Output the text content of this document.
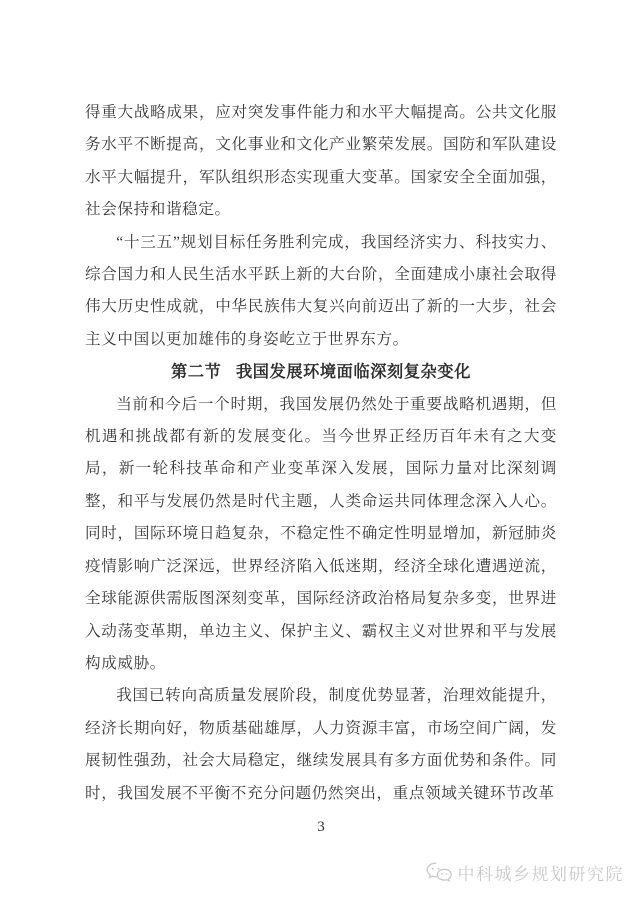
得重大战略成果，应对突发事件能力和水平大幅提高。公共文化服务水平不断提高，文化事业和文化产业繁荣发展。国防和军队建设水平大幅提升，军队组织形态实现重大变革。国家安全全面加强，社会保持和谐稳定。

“十三五”规划目标任务胜利完成，我国经济实力、科技实力、综合国力和人民生活水平跃上新的大台阶，全面建成小康社会取得伟大历史性成就，中华民族伟大复兴向前迈出了新的一大步，社会主义中国以更加雄伟的身姿屹立于世界东方。

第二节 我国发展环境面临深刻复杂变化

当前和今后一个时期，我国发展仍然处于重要战略机遇期，但机遇和挑战都有新的发展变化。当今世界正经历百年未有之大变局，新一轮科技革命和产业变革深入发展，国际力量对比深刻调整，和平与发展仍然是时代主题，人类命运共同体理念深入人心。同时，国际环境日趋复杂，不稳定性不确定性明显增加，新冠肺炎疫情影响广泛深远，世界经济陷入低迷期，经济全球化遭遇逆流，全球能源供需版图深刻变革，国际经济政治格局复杂多变，世界进入动荡变革期，单边主义、保护主义、霸权主义对世界和平与发展构成威胁。

我国已转向高质量发展阶段，制度优势显著，治理效能提升，经济长期向好，物质基础雄厚，人力资源丰富，市场空间广阔，发展韧性强劲，社会大局稳定，继续发展具有多方面优势和条件。同时，我国发展不平衡不充分问题仍然突出，重点领域关键环节改革

3
中科城乡规划研究院
